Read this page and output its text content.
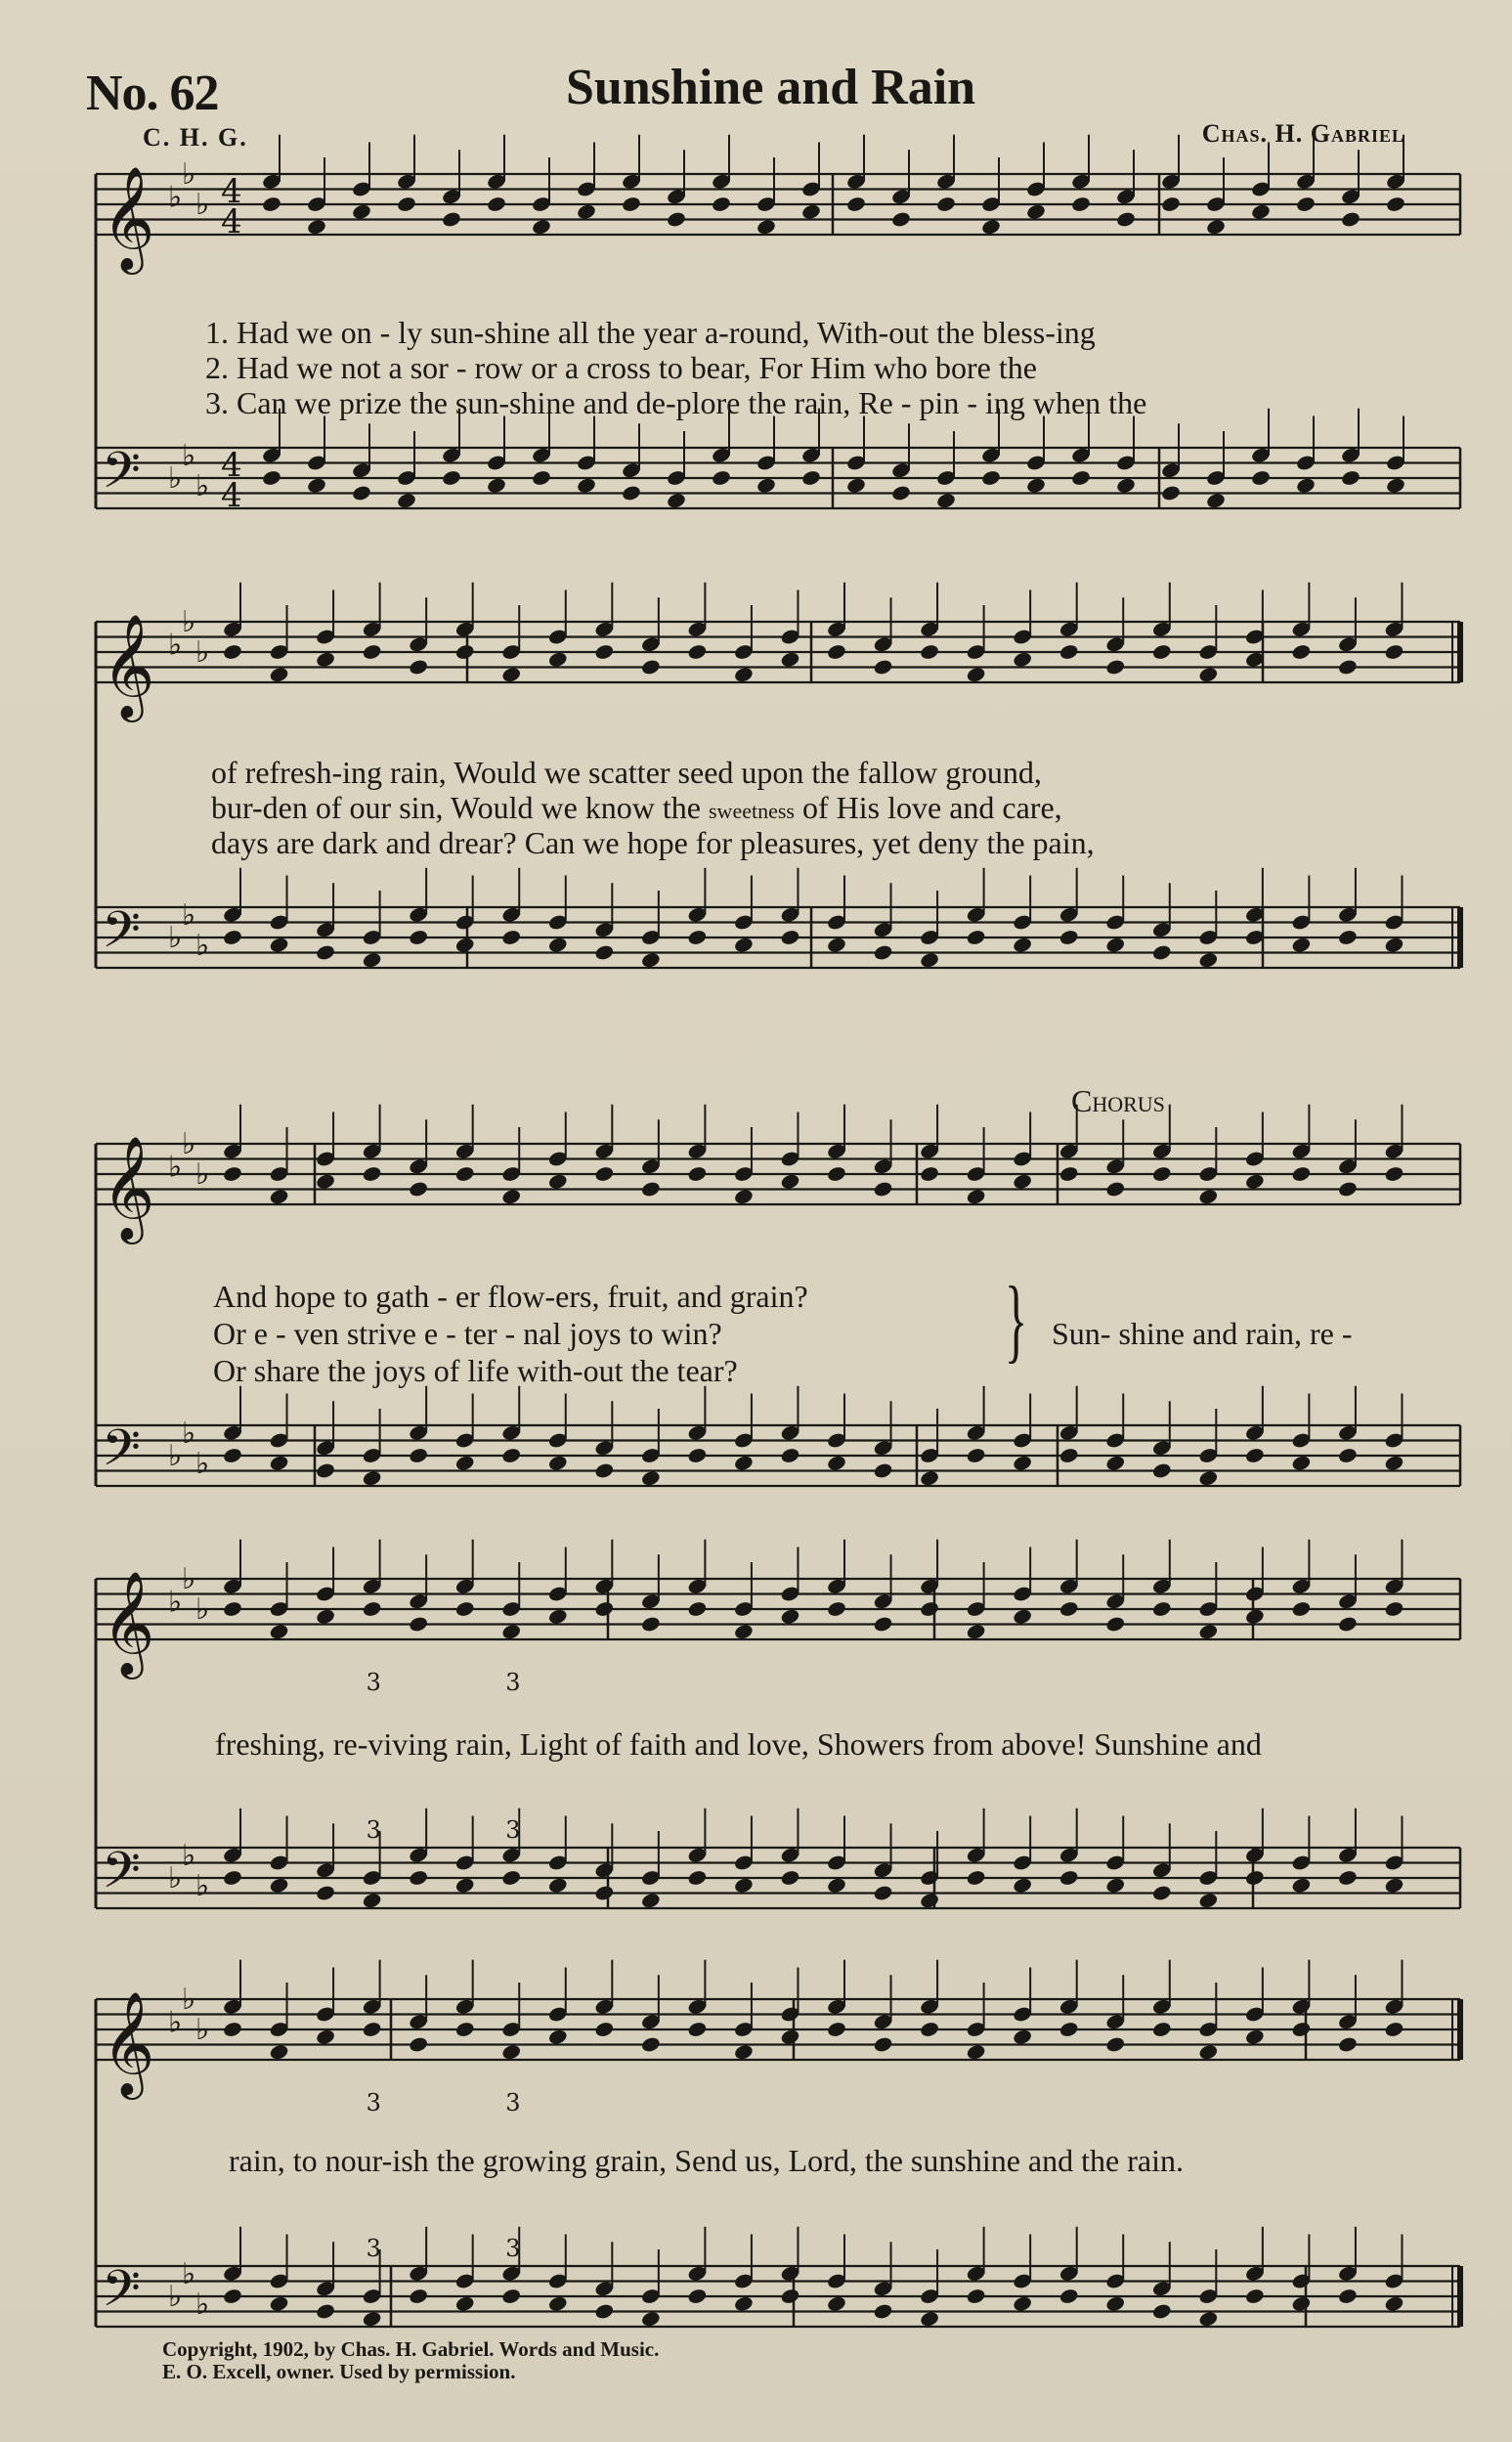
No. 62	Sunshine and Rain
C. H. G.	Chas. H. Gabriel
𝄞 ♭
♭
♭ 4
4
𝄢 ♭
♭
♭
4
4
𝄞 ♭
♭
♭
𝄢 ♭
♭
♭
𝄞 ♭
♭
♭
𝄢 ♭
♭
♭
𝄞 ♭
♭
♭
𝄢 ♭
♭
♭
3
3
3
3
𝄞 ♭
♭
♭
𝄢 ♭
♭
♭
3
3
3
3
1. Had we on - ly sun-shine all the year a-round, With-out the bless-ing
2. Had we not a sor - row or a cross to bear, For Him who bore the
3. Can we prize the sun-shine and de-plore the rain, Re - pin - ing when the
of refresh-ing rain, Would we scatter seed upon the fallow ground,
bur-den of our sin, Would we know the sweetness of His love and care,
days are dark and drear? Can we hope for pleasures, yet deny the pain,
Chorus
And hope to gath - er flow-ers, fruit, and grain?
Or e - ven strive e - ter - nal joys to win?
Or share the joys of life with-out the tear?	} Sun- shine and rain, re -
freshing, re-viving rain, Light of faith and love, Showers from above! Sunshine and
rain, to nour-ish the growing grain, Send us, Lord, the sunshine and the rain.
Copyright, 1902, by Chas. H. Gabriel. Words and Music.
E. O. Excell, owner. Used by permission.
